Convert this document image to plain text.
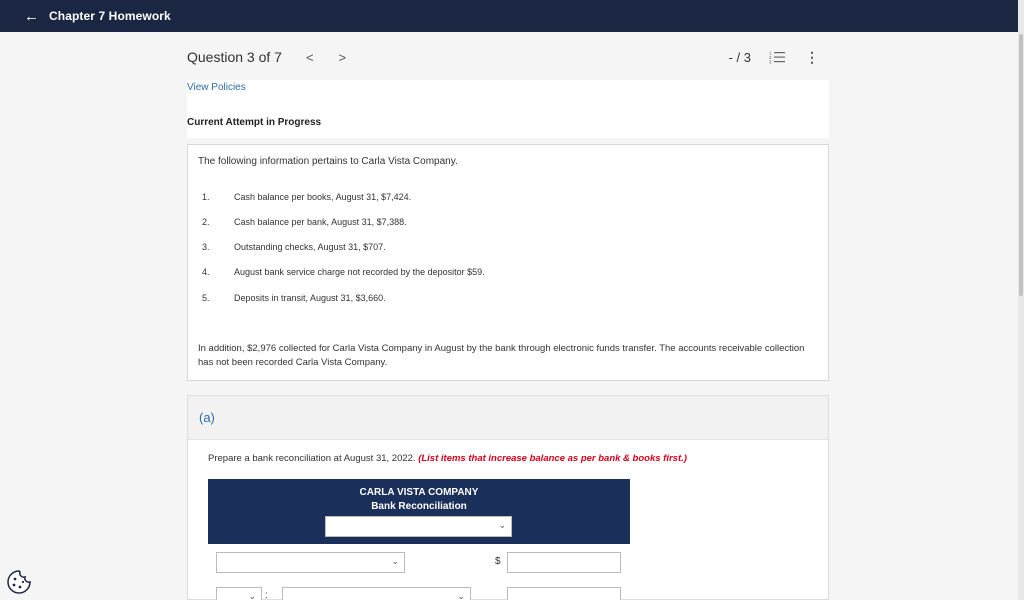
← Chapter 7 Homework
Question 3 of 7 < >	- / 3	1
2
3 ⋮
View Policies
Current Attempt in Progress
The following information pertains to Carla Vista Company.
1.	Cash balance per books, August 31, $7,424.
2.	Cash balance per bank, August 31, $7,388.
3.	Outstanding checks, August 31, $707.
4.	August bank service charge not recorded by the depositor $59.
5.	Deposits in transit, August 31, $3,660.
In addition, $2,976 collected for Carla Vista Company in August by the bank through electronic funds transfer. The accounts receivable collection has not been recorded Carla Vista Company.
(a)
Prepare a bank reconciliation at August 31, 2022. (List items that increase balance as per bank & books first.)
CARLA VISTA COMPANY
Bank Reconciliation
⌄
⌄	$
⌄ :	⌄
